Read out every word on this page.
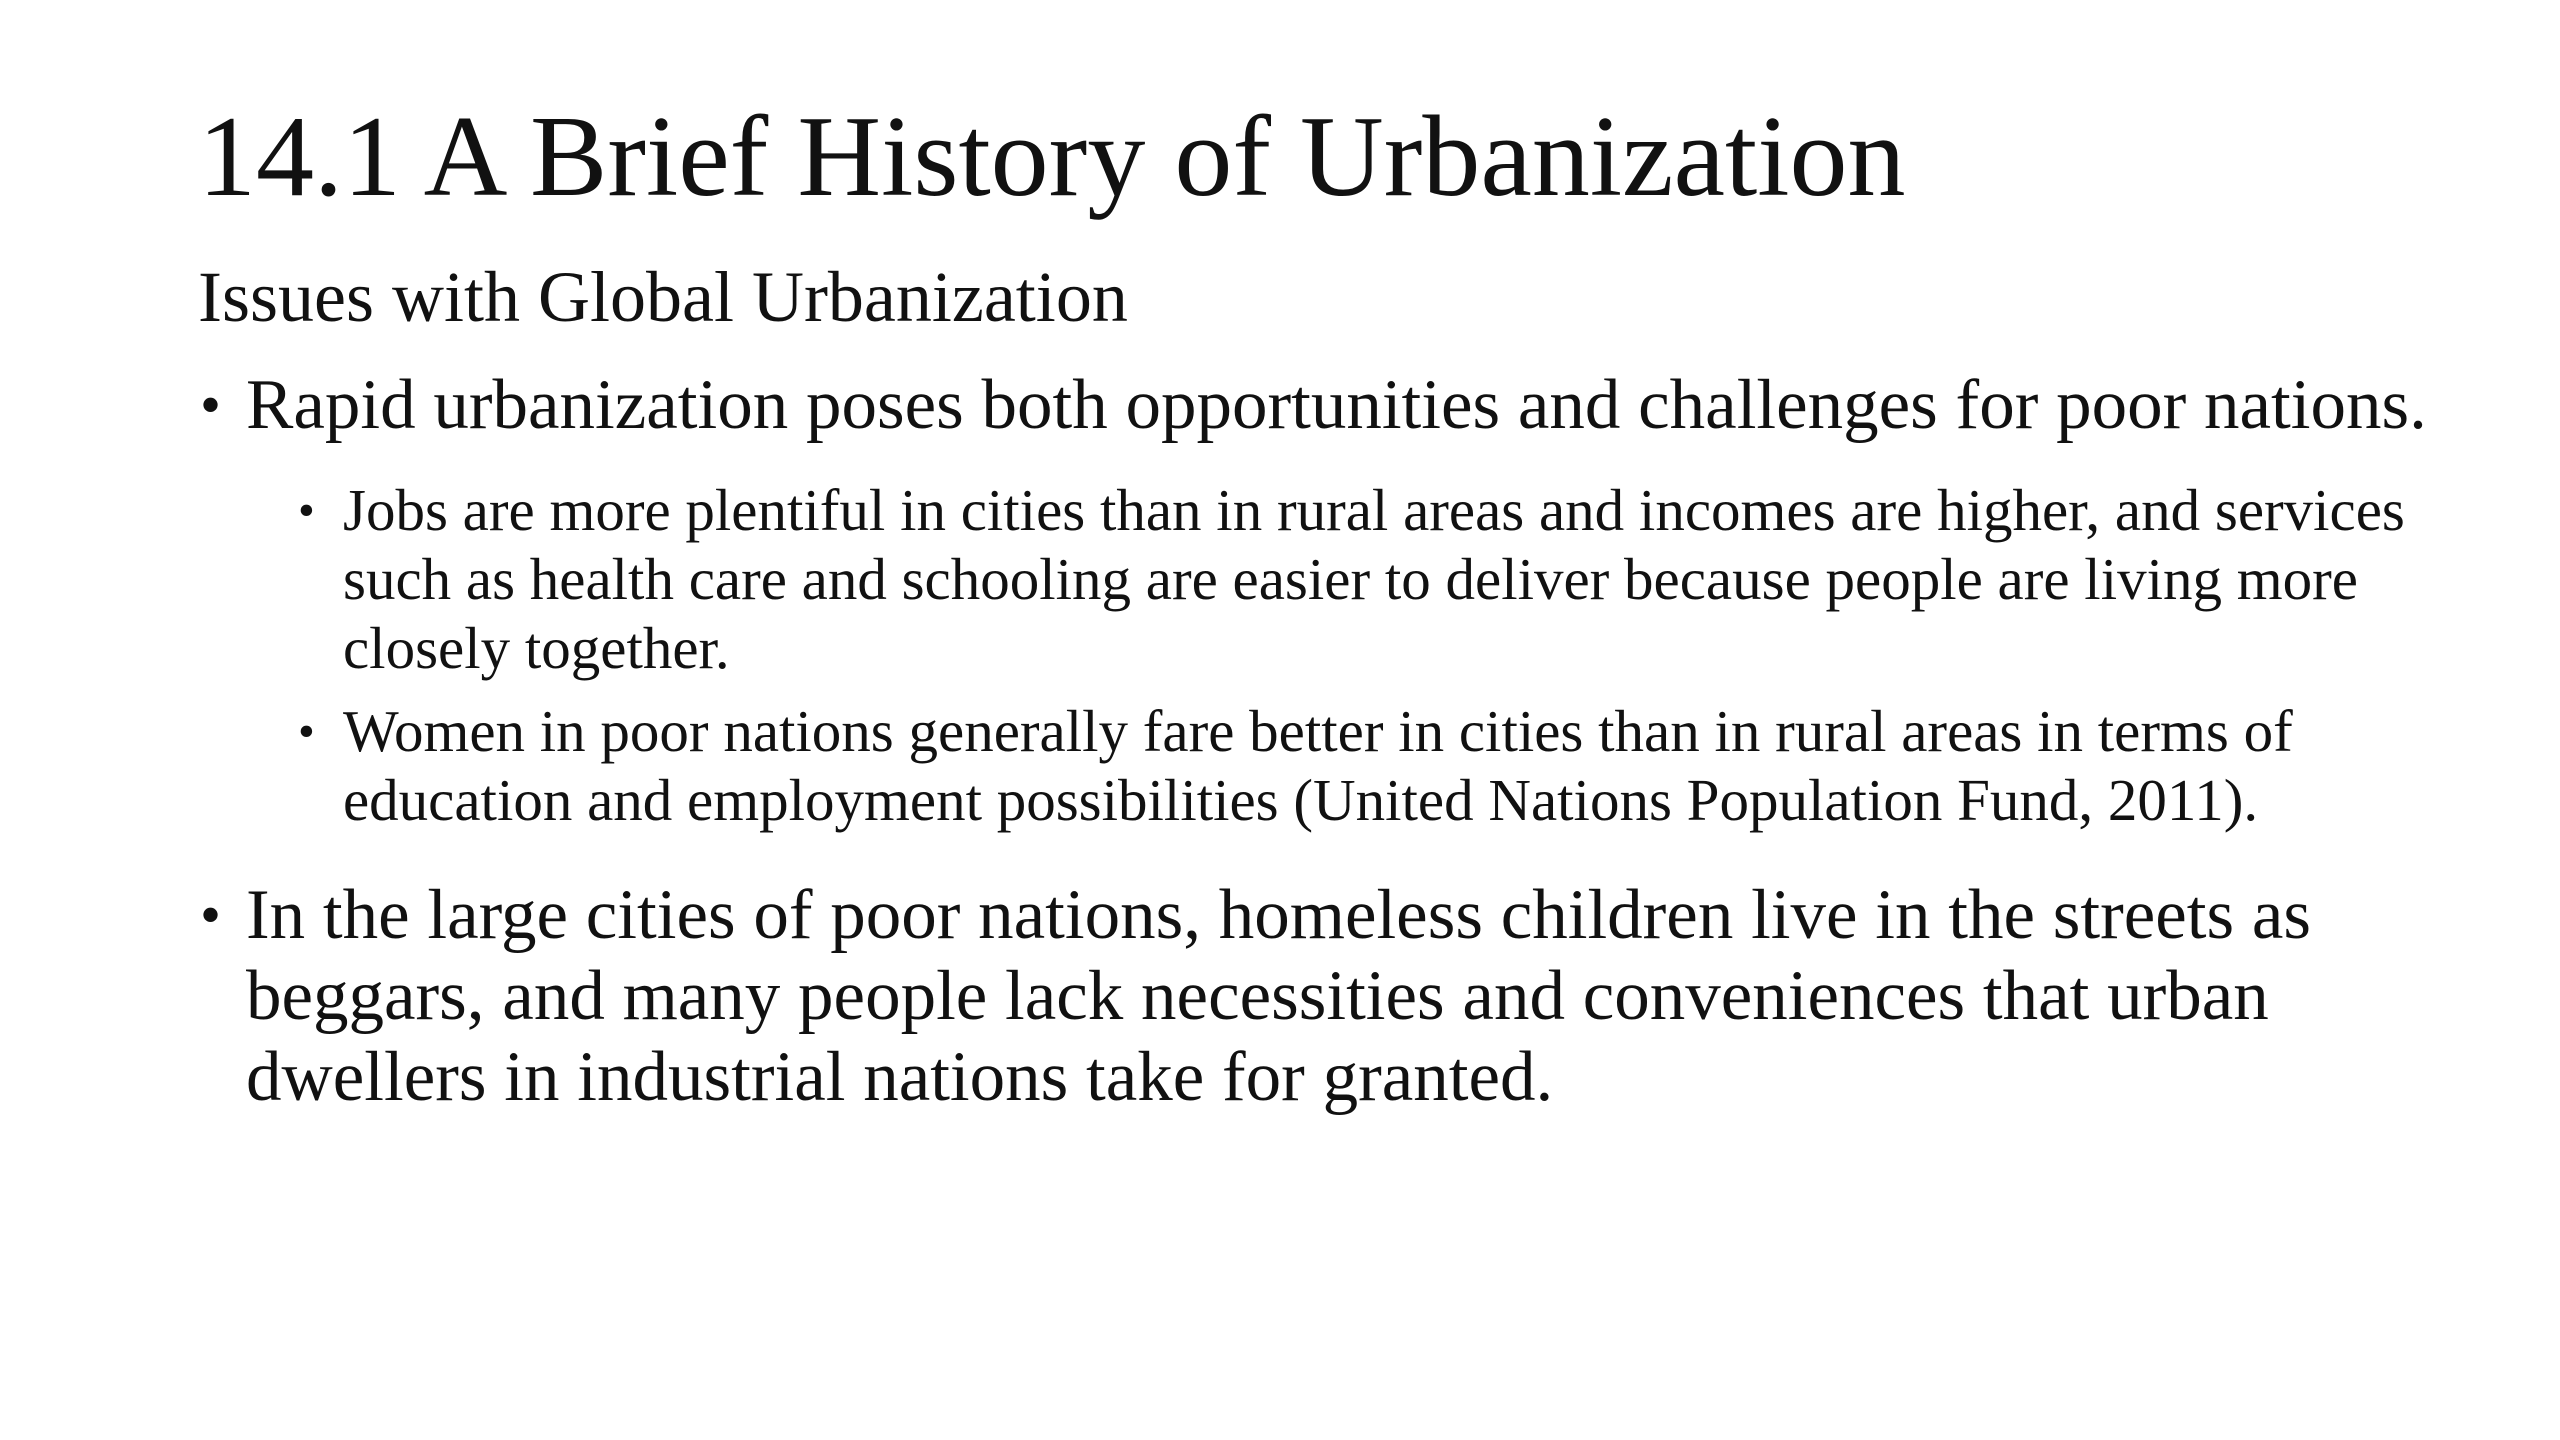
14.1 A Brief History of Urbanization
Issues with Global Urbanization
• Rapid urbanization poses both opportunities and challenges for poor nations.
• Jobs are more plentiful in cities than in rural areas and incomes are higher, and services such as health care and schooling are easier to deliver because people are living more closely together.
• Women in poor nations generally fare better in cities than in rural areas in terms of education and employment possibilities (United Nations Population Fund, 2011).
• In the large cities of poor nations, homeless children live in the streets as beggars, and many people lack necessities and conveniences that urban dwellers in industrial nations take for granted.
